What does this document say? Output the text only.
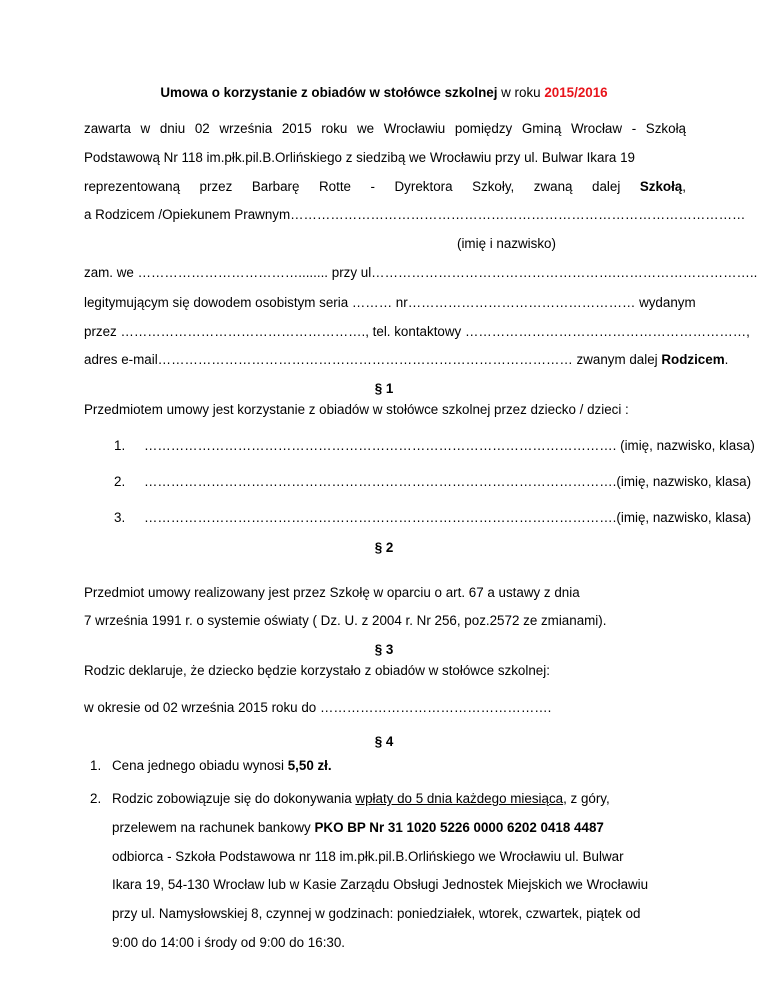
Umowa o korzystanie z obiadów w stołówce szkolnej w roku 2015/2016
zawarta w dniu 02 września 2015 roku we Wrocławiu pomiędzy Gminą Wrocław - Szkołą
Podstawową Nr 118 im.płk.pil.B.Orlińskiego z siedzibą we Wrocławiu przy ul. Bulwar Ikara 19
reprezentowaną przez Barbarę Rotte - Dyrektora Szkoły, zwaną dalej Szkołą,
a Rodzicem /Opiekunem Prawnym…………………………………………………………………………………………
(imię i nazwisko)
zam. we ………………………………........ przy ul……………………………………………….…………………………..
legitymującym się dowodem osobistym seria ……… nr…………………………………………… wydanym
przez ………………………………………………., tel. kontaktowy ………………………………………………………,
adres e-mail………………………………………………………………………………… zwanym dalej Rodzicem.
§ 1
Przedmiotem umowy jest korzystanie z obiadów w stołówce szkolnej przez dziecko / dzieci :
1. ……………………………………………………………………………………………. (imię, nazwisko, klasa)
2. …………………………………………………………………………………………….(imię, nazwisko, klasa)
3. …………………………………………………………………………………………….(imię, nazwisko, klasa)
§ 2
Przedmiot umowy realizowany jest przez Szkołę w oparciu o art. 67 a ustawy z dnia
7 września 1991 r. o systemie oświaty ( Dz. U. z 2004 r. Nr 256, poz.2572 ze zmianami).
§ 3
Rodzic deklaruje, że dziecko będzie korzystało z obiadów w stołówce szkolnej:
w okresie od 02 września 2015 roku do …………………………………………….
§ 4
1. Cena jednego obiadu wynosi 5,50 zł.
2. Rodzic zobowiązuje się do dokonywania wpłaty do 5 dnia każdego miesiąca, z góry,
przelewem na rachunek bankowy PKO BP Nr 31 1020 5226 0000 6202 0418 4487
odbiorca - Szkoła Podstawowa nr 118 im.płk.pil.B.Orlińskiego we Wrocławiu ul. Bulwar
Ikara 19, 54-130 Wrocław lub w Kasie Zarządu Obsługi Jednostek Miejskich we Wrocławiu
przy ul. Namysłowskiej 8, czynnej w godzinach: poniedziałek, wtorek, czwartek, piątek od
9:00 do 14:00 i środy od 9:00 do 16:30.
